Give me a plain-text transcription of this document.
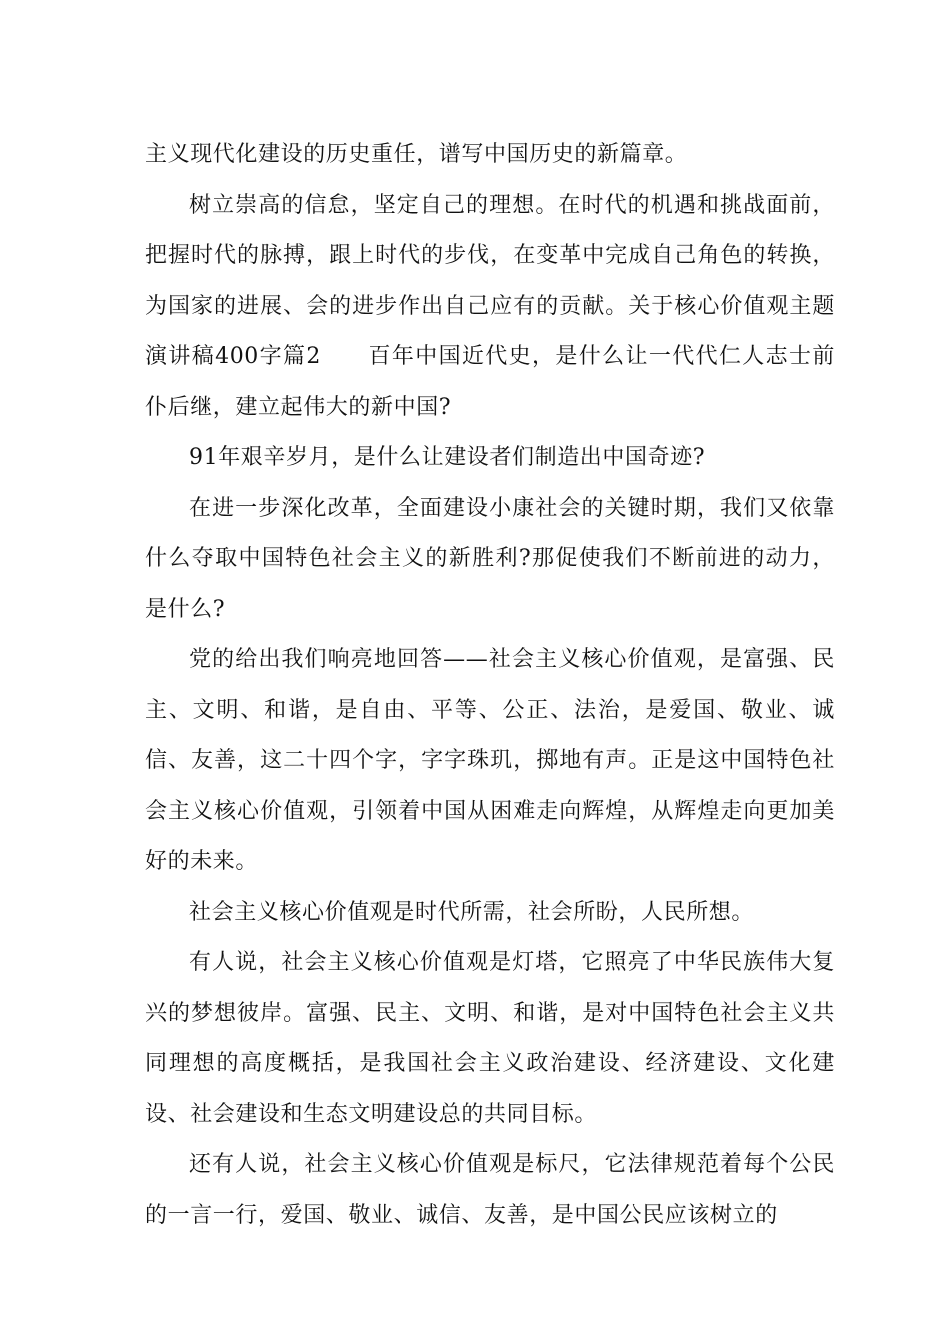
主义现代化建设的历史重任，谱写中国历史的新篇章。

树立崇高的信怠，坚定自己的理想。在时代的机遇和挑战面前，把握时代的脉搏，跟上时代的步伐，在变革中完成自己角色的转换，为国家的进展、会的进步作出自己应有的贡献。关于核心价值观主题演讲稿400字篇2　　百年中国近代史，是什么让一代代仁人志士前仆后继，建立起伟大的新中国?

91年艰辛岁月，是什么让建设者们制造出中国奇迹?

在进一步深化改革，全面建设小康社会的关键时期，我们又依靠什么夺取中国特色社会主义的新胜利?那促使我们不断前进的动力，是什么?

党的给出我们响亮地回答——社会主义核心价值观，是富强、民主、文明、和谐，是自由、平等、公正、法治，是爱国、敬业、诚信、友善，这二十四个字，字字珠玑，掷地有声。正是这中国特色社会主义核心价值观，引领着中国从困难走向辉煌，从辉煌走向更加美好的未来。

社会主义核心价值观是时代所需，社会所盼，人民所想。

有人说，社会主义核心价值观是灯塔，它照亮了中华民族伟大复兴的梦想彼岸。富强、民主、文明、和谐，是对中国特色社会主义共同理想的高度概括，是我国社会主义政治建设、经济建设、文化建设、社会建设和生态文明建设总的共同目标。

还有人说，社会主义核心价值观是标尺，它法律规范着每个公民的一言一行，爱国、敬业、诚信、友善，是中国公民应该树立的
